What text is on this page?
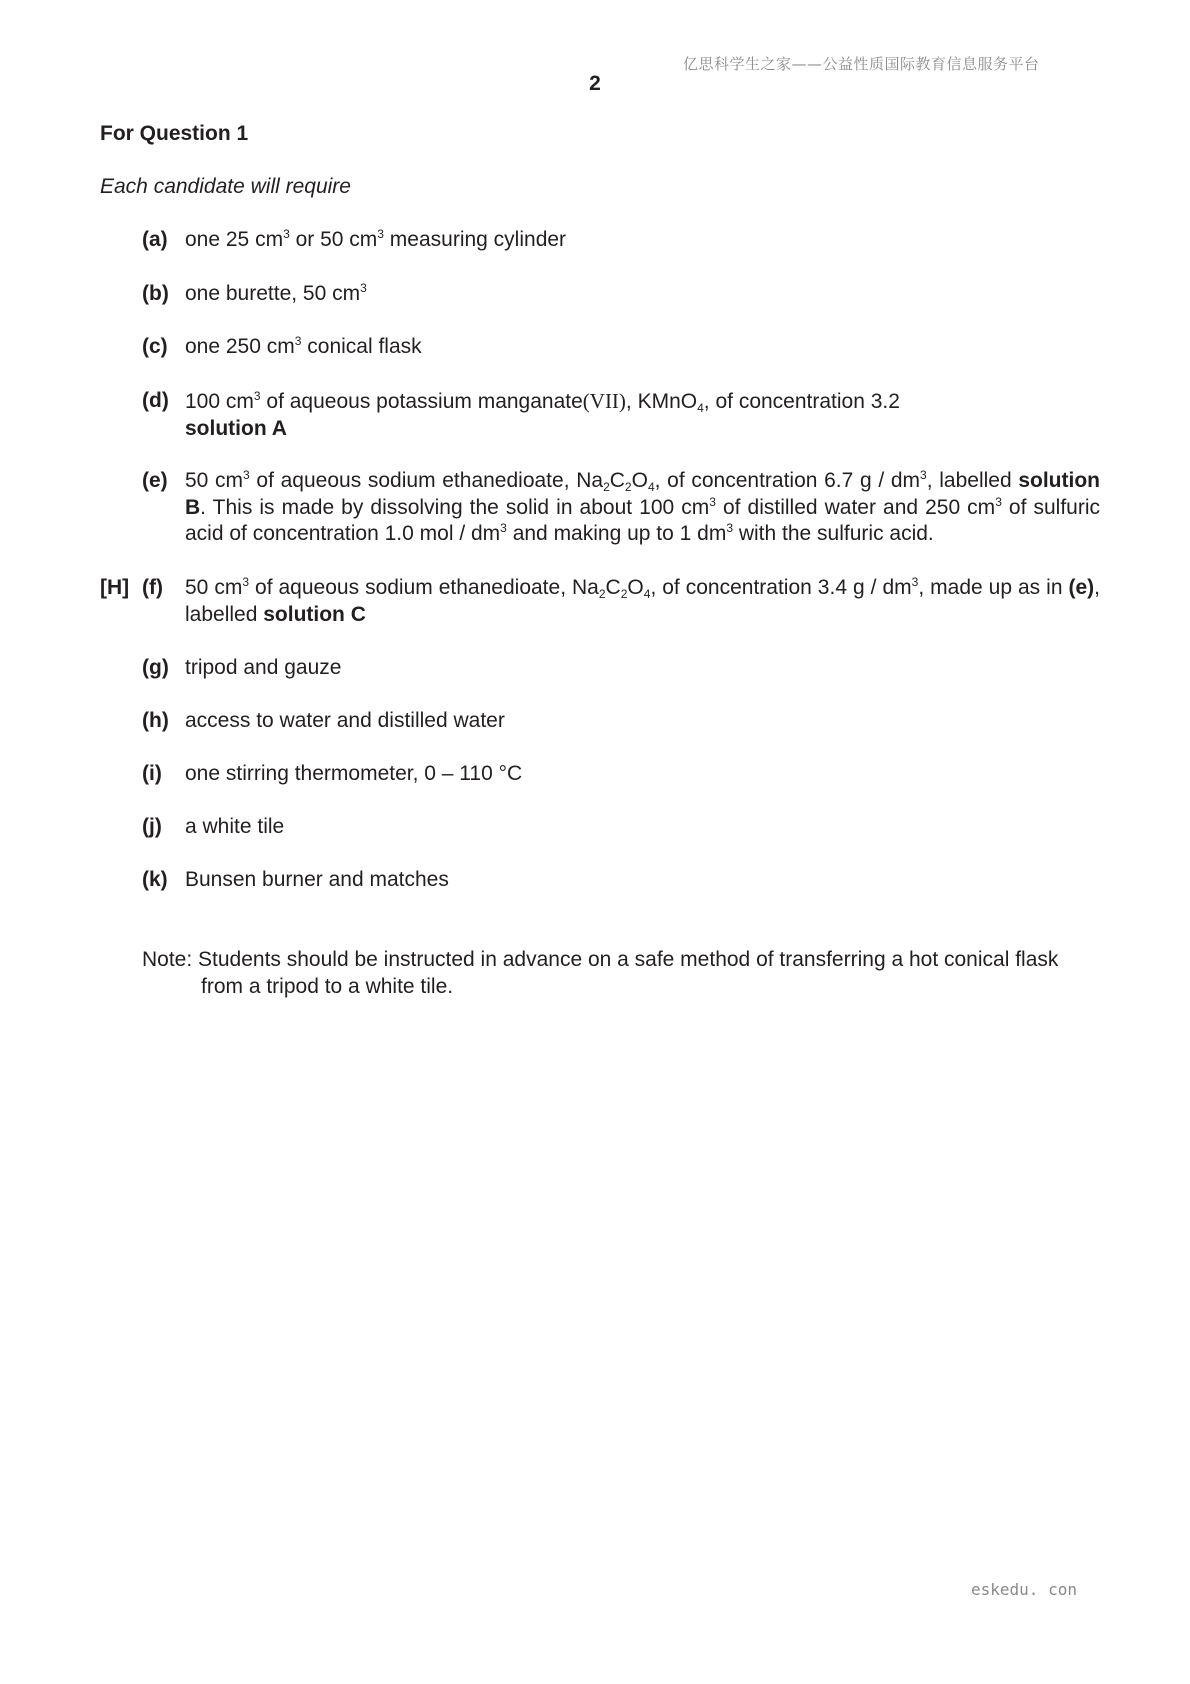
亿思科学生之家——公益性质国际教育信息服务平台
2
For Question 1
Each candidate will require
(a) one 25 $cm^3$ or 50 $cm^3$ measuring cylinder
(b) one burette, 50 $cm^3$
(c) one 250 $cm^3$ conical flask
(d) 100 $cm^3$ of aqueous potassium manganate(VII), KMnO$_4$, of concentration 3.2
solution A
(e) 50 $cm^3$ of aqueous sodium ethanedioate, $Na_2C_2O_4$, of concentration 6.7 g / $dm^3$, labelled solution B. This is made by dissolving the solid in about 100 $cm^3$ of distilled water and 250 $cm^3$ of sulfuric acid of concentration 1.0 mol / $dm^3$ and making up to 1 $dm^3$ with the sulfuric acid.
[H] (f) 50 $cm^3$ of aqueous sodium ethanedioate, $Na_2C_2O_4$, of concentration 3.4 g / $dm^3$, made up as in (e), labelled solution C
(g) tripod and gauze
(h) access to water and distilled water
(i) one stirring thermometer, 0 – 110 °C
(j) a white tile
(k) Bunsen burner and matches
Note: Students should be instructed in advance on a safe method of transferring a hot conical flask from a tripod to a white tile.
eskedu. con
